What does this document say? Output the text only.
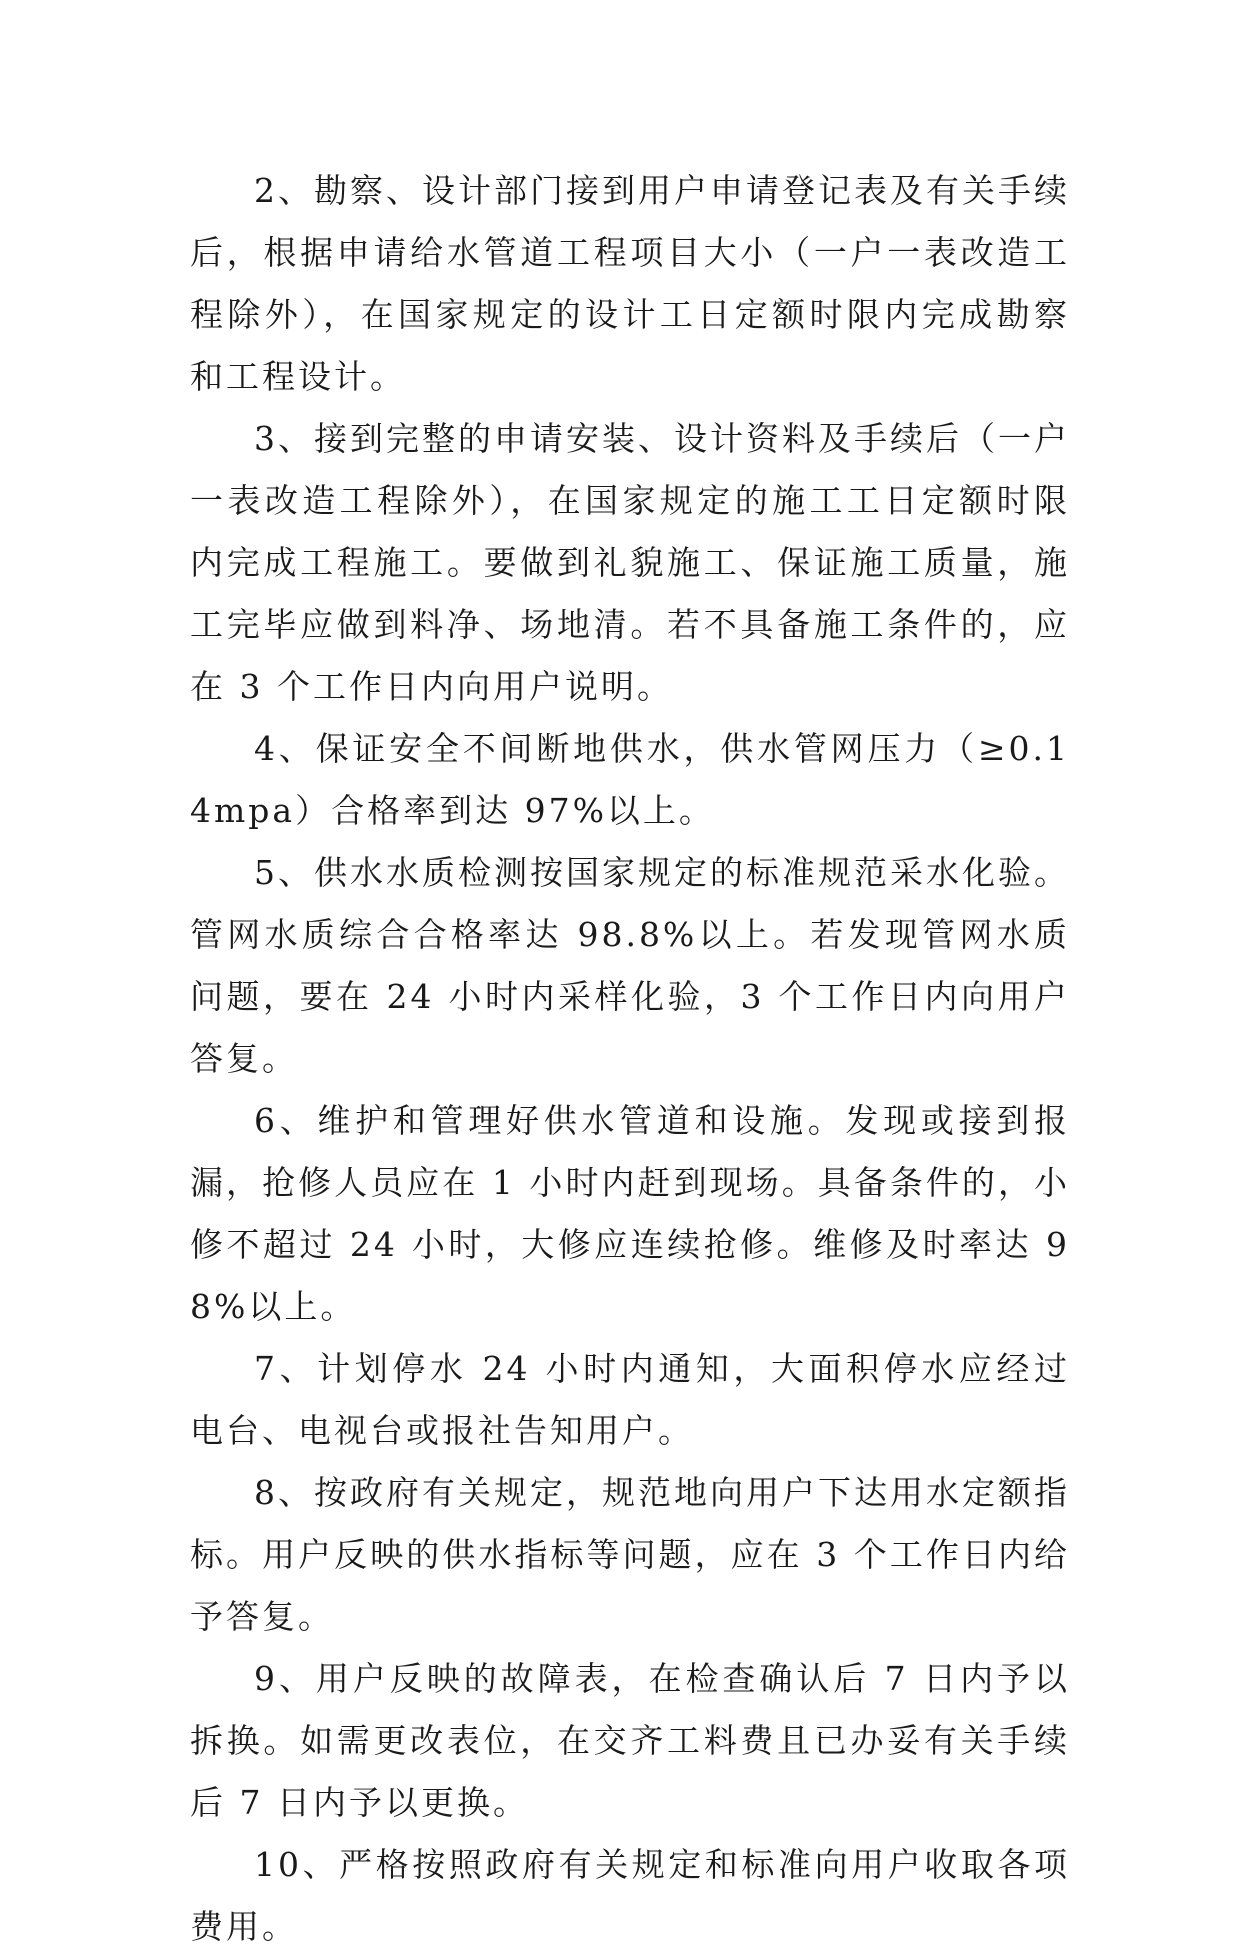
2、勘察、设计部门接到用户申请登记表及有关手续后，根据申请给水管道工程项目大小（一户一表改造工程除外），在国家规定的设计工日定额时限内完成勘察和工程设计。

3、接到完整的申请安装、设计资料及手续后（一户一表改造工程除外），在国家规定的施工工日定额时限内完成工程施工。要做到礼貌施工、保证施工质量，施工完毕应做到料净、场地清。若不具备施工条件的，应在 3 个工作日内向用户说明。

4、保证安全不间断地供水，供水管网压力（≥0.14mpa）合格率到达 97%以上。

5、供水水质检测按国家规定的标准规范采水化验。管网水质综合合格率达 98.8%以上。若发现管网水质问题，要在 24 小时内采样化验，3 个工作日内向用户答复。

6、维护和管理好供水管道和设施。发现或接到报漏，抢修人员应在 1 小时内赶到现场。具备条件的，小修不超过 24 小时，大修应连续抢修。维修及时率达 98%以上。

7、计划停水 24 小时内通知，大面积停水应经过电台、电视台或报社告知用户。

8、按政府有关规定，规范地向用户下达用水定额指标。用户反映的供水指标等问题，应在 3 个工作日内给予答复。

9、用户反映的故障表，在检查确认后 7 日内予以拆换。如需更改表位，在交齐工料费且已办妥有关手续后 7 日内予以更换。

10、严格按照政府有关规定和标准向用户收取各项费用。
